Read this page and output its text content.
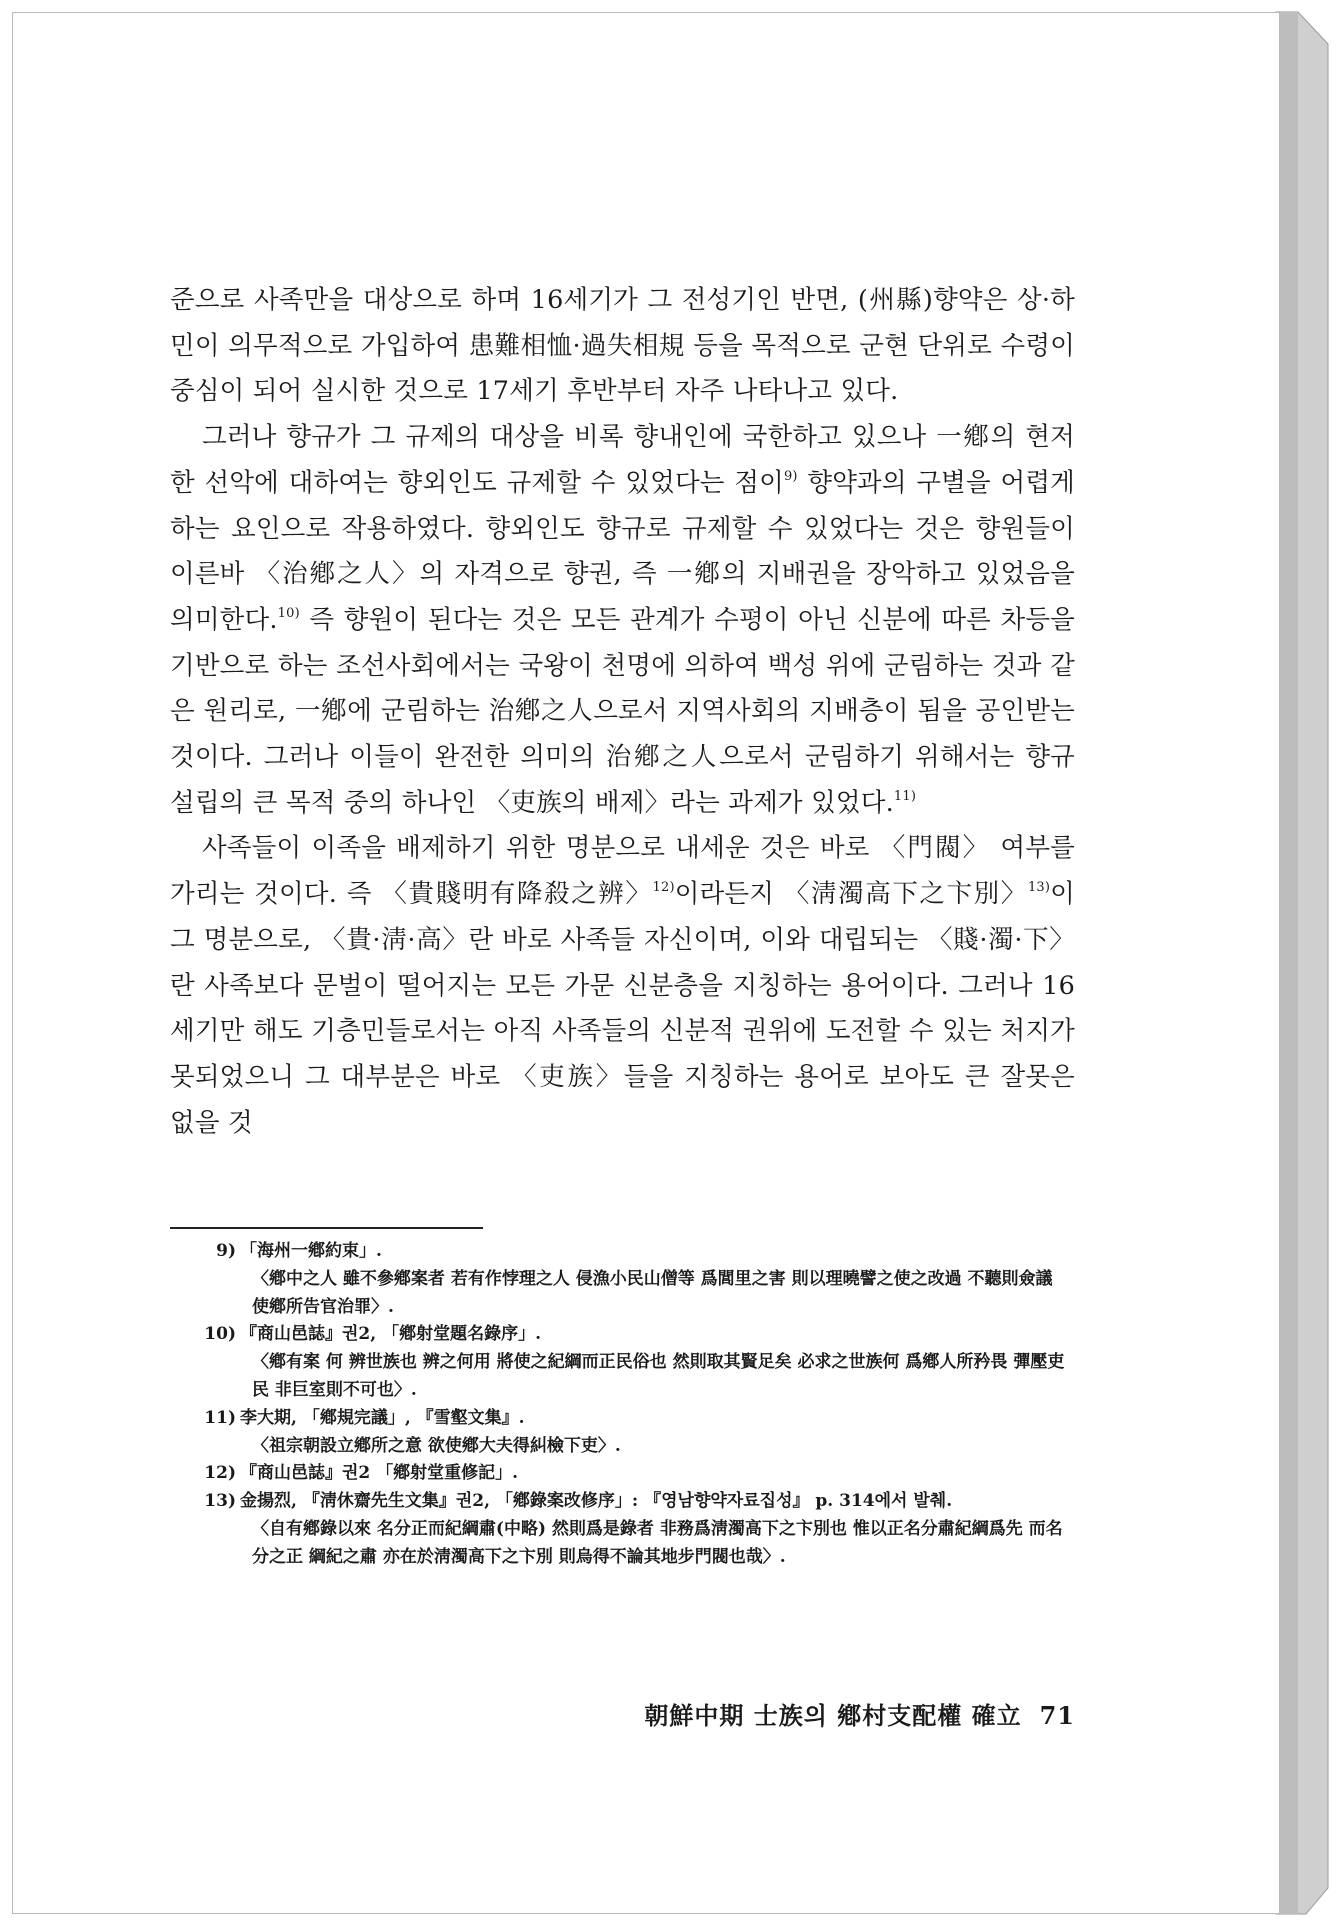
준으로 사족만을 대상으로 하며 16세기가 그 전성기인 반면, (州縣)향약은 상·하민이 의무적으로 가입하여 患難相恤·過失相規 등을 목적으로 군현 단위로 수령이 중심이 되어 실시한 것으로 17세기 후반부터 자주 나타나고 있다.

그러나 향규가 그 규제의 대상을 비록 향내인에 국한하고 있으나 一鄕의 현저한 선악에 대하여는 향외인도 규제할 수 있었다는 점이$^{9)}$ 향약과의 구별을 어렵게 하는 요인으로 작용하였다. 향외인도 향규로 규제할 수 있었다는 것은 향원들이 이른바 〈治鄕之人〉의 자격으로 향권, 즉 一鄕의 지배권을 장악하고 있었음을 의미한다.$^{10)}$ 즉 향원이 된다는 것은 모든 관계가 수평이 아닌 신분에 따른 차등을 기반으로 하는 조선사회에서는 국왕이 천명에 의하여 백성 위에 군림하는 것과 같은 원리로, 一鄕에 군림하는 治鄕之人으로서 지역사회의 지배층이 됨을 공인받는 것이다. 그러나 이들이 완전한 의미의 治鄕之人으로서 군림하기 위해서는 향규 설립의 큰 목적 중의 하나인 〈吏族의 배제〉라는 과제가 있었다.$^{11)}$

사족들이 이족을 배제하기 위한 명분으로 내세운 것은 바로 〈門閥〉 여부를 가리는 것이다. 즉 〈貴賤明有降殺之辨〉$^{12)}$이라든지 〈淸濁高下之卞別〉$^{13)}$이 그 명분으로, 〈貴·淸·高〉란 바로 사족들 자신이며, 이와 대립되는 〈賤·濁·下〉란 사족보다 문벌이 떨어지는 모든 가문 신분층을 지칭하는 용어이다. 그러나 16세기만 해도 기층민들로서는 아직 사족들의 신분적 권위에 도전할 수 있는 처지가 못되었으니 그 대부분은 바로 〈吏族〉들을 지칭하는 용어로 보아도 큰 잘못은 없을 것

9) 「海州一鄕約束」.
〈鄕中之人 雖不參鄕案者 若有作悖理之人 侵漁小民山僧等 爲閭里之害 則以理曉譬之使之改過 不聽則僉議 使鄕所告官治罪〉.
10) 『商山邑誌』권2, 「鄕射堂題名錄序」.
〈鄕有案 何 辨世族也 辨之何用 將使之紀綱而正民俗也 然則取其賢足矣 必求之世族何 爲鄕人所矜畏 彈壓吏民 非巨室則不可也〉.
11) 李大期, 「鄕規完議」, 『雪壑文集』.
〈祖宗朝設立鄕所之意 欲使鄕大夫得糾檢下吏〉.
12) 『商山邑誌』권2 「鄕射堂重修記」.
13) 金揚烈, 『淸休齋先生文集』권2, 「鄕錄案改修序」: 『영남향약자료집성』 p. 314에서 발췌.
〈自有鄕錄以來 名分正而紀綱肅(中略) 然則爲是錄者 非務爲淸濁高下之卞別也 惟以正名分肅紀綱爲先 而名分之正 綱紀之肅 亦在於淸濁高下之卞別 則烏得不論其地步門閥也哉〉.
朝鮮中期 士族의 鄕村支配權 確立 71
